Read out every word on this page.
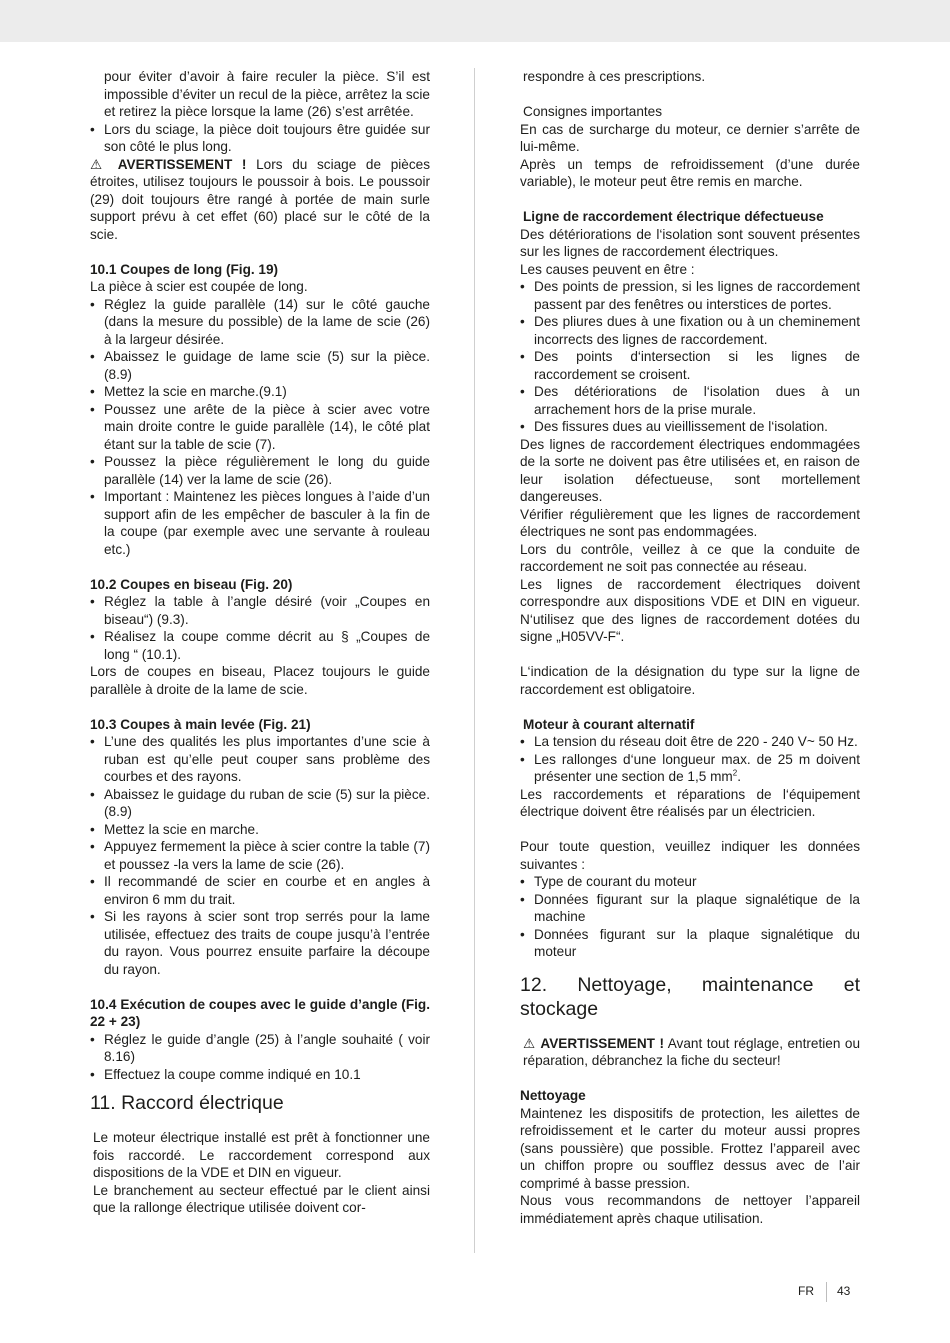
pour éviter d’avoir à faire reculer la pièce. S’il est impossible d’éviter un recul de la pièce, arrêtez la scie et retirez la pièce lorsque la lame (26) s’est arrêtée.

• Lors du sciage, la pièce doit toujours être guidée sur son côté le plus long.

⚠ AVERTISSEMENT ! Lors du sciage de pièces étroites, utilisez toujours le poussoir à bois. Le poussoir (29) doit toujours être rangé à portée de main surle support prévu à cet effet (60) placé sur le côté de la scie.

10.1 Coupes de long (Fig. 19)

La pièce à scier est coupée de long.

• Réglez la guide parallèle (14) sur le côté gauche (dans la mesure du possible) de la lame de scie (26) à la largeur désirée.
• Abaissez le guidage de lame scie (5) sur la pièce. (8.9)
• Mettez la scie en marche.(9.1)
• Poussez une arête de la pièce à scier avec votre main droite contre le guide parallèle (14), le côté plat étant sur la table de scie (7).
• Poussez la pièce régulièrement le long du guide parallèle (14) ver la lame de scie (26).
• Important : Maintenez les pièces longues à l’aide d’un support afin de les empêcher de basculer à la fin de la coupe (par exemple avec une servante à rouleau etc.)

10.2 Coupes en biseau (Fig. 20)

• Réglez la table à l’angle désiré (voir „Coupes en biseau“) (9.3).
• Réalisez la coupe comme décrit au § „Coupes de long “ (10.1).

Lors de coupes en biseau, Placez toujours le guide parallèle à droite de la lame de scie.

10.3 Coupes à main levée (Fig. 21)

• L’une des qualités les plus importantes d’une scie à ruban est qu’elle peut couper sans problème des courbes et des rayons.
• Abaissez le guidage du ruban de scie (5) sur la pièce. (8.9)
• Mettez la scie en marche.
• Appuyez fermement la pièce à scier contre la table (7) et poussez -la vers la lame de scie (26).
• Il recommandé de scier en courbe et en angles à environ 6 mm du trait.
• Si les rayons à scier sont trop serrés pour la lame utilisée, effectuez des traits de coupe jusqu’à l’entrée du rayon. Vous pourrez ensuite parfaire la découpe du rayon.

10.4 Exécution de coupes avec le guide d’angle (Fig. 22 + 23)

• Réglez le guide d’angle (25) à l’angle souhaité ( voir 8.16)
• Effectuez la coupe comme indiqué en 10.1

11. Raccord électrique

Le moteur électrique installé est prêt à fonctionner une fois raccordé. Le raccordement correspond aux dispositions de la VDE et DIN en vigueur.

Le branchement au secteur effectué par le client ainsi que la rallonge électrique utilisée doivent cor-

respondre à ces prescriptions.

Consignes importantes

En cas de surcharge du moteur, ce dernier s’arrête de lui-même.

Après un temps de refroidissement (d’une durée variable), le moteur peut être remis en marche.

Ligne de raccordement électrique défectueuse

Des détériorations de l‘isolation sont souvent présentes sur les lignes de raccordement électriques.

Les causes peuvent en être :

• Des points de pression, si les lignes de raccordement passent par des fenêtres ou interstices de portes.
• Des pliures dues à une fixation ou à un cheminement incorrects des lignes de raccordement.
• Des points d‘intersection si les lignes de raccordement se croisent.
• Des détériorations de l‘isolation dues à un arrachement hors de la prise murale.
• Des fissures dues au vieillissement de l‘isolation.

Des lignes de raccordement électriques endommagées de la sorte ne doivent pas être utilisées et, en raison de leur isolation défectueuse, sont mortellement dangereuses.

Vérifier régulièrement que les lignes de raccordement électriques ne sont pas endommagées.

Lors du contrôle, veillez à ce que la conduite de raccordement ne soit pas connectée au réseau.

Les lignes de raccordement électriques doivent correspondre aux dispositions VDE et DIN en vigueur. N‘utilisez que des lignes de raccordement dotées du signe „H05VV-F“.

L‘indication de la désignation du type sur la ligne de raccordement est obligatoire.

Moteur à courant alternatif

• La tension du réseau doit être de 220 - 240 V~ 50 Hz.
• Les rallonges d‘une longueur max. de 25 m doivent présenter une section de 1,5 $mm^2$.

Les raccordements et réparations de l‘équipement électrique doivent être réalisés par un électricien.

Pour toute question, veuillez indiquer les données suivantes :

• Type de courant du moteur
• Données figurant sur la plaque signalétique de la machine
• Données figurant sur la plaque signalétique du moteur

12. Nettoyage, maintenance et stockage

⚠ AVERTISSEMENT ! Avant tout réglage, entretien ou réparation, débranchez la fiche du secteur!

Nettoyage

Maintenez les dispositifs de protection, les ailettes de refroidissement et le carter du moteur aussi propres (sans poussière) que possible. Frottez l’appareil avec un chiffon propre ou soufflez dessus avec de l’air comprimé à basse pression.

Nous vous recommandons de nettoyer l’appareil immédiatement après chaque utilisation.

FR 43
